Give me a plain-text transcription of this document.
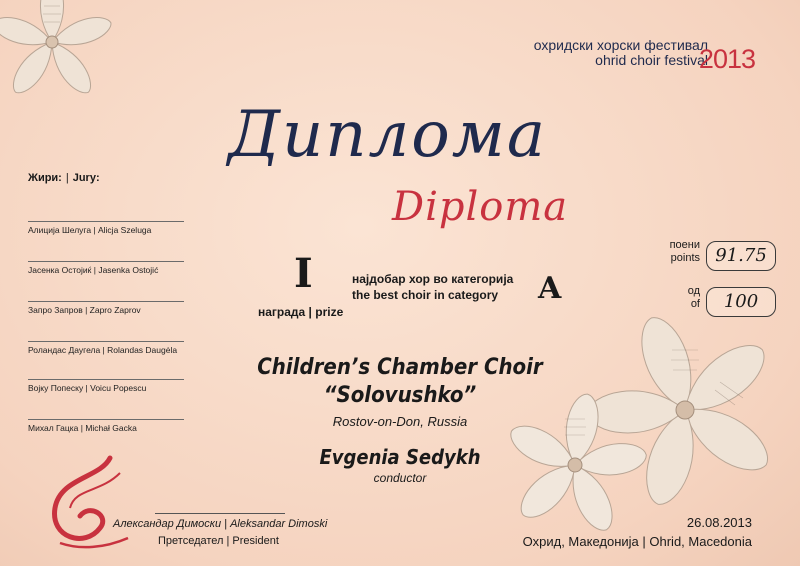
охридски хорски фестивал
ohrid choir festival
2013
Диплома
Diploma
Жири: | Jury:
Алиција Шелуга | Alicja Szeluga
Јасенка Остојиќ | Jasenka Ostojić
Запро Запров | Zapro Zaprov
Роландас Даугела | Rolandas Daugėla
Војку Попеску | Voicu Popescu
Михал Гацка | Michał Gacka
I
награда | prize
најдобар хор во категорија
the best choir in category A
поени
points 91.75
од
of	100
Children’s Chamber Choir
“Solovushko”
Rostov-on-Don, Russia
Evgenia Sedykh
conductor
Александар Димоски | Aleksandar Dimoski
Претседател | President
26.08.2013
Охрид, Македонија | Ohrid, Macedonia
